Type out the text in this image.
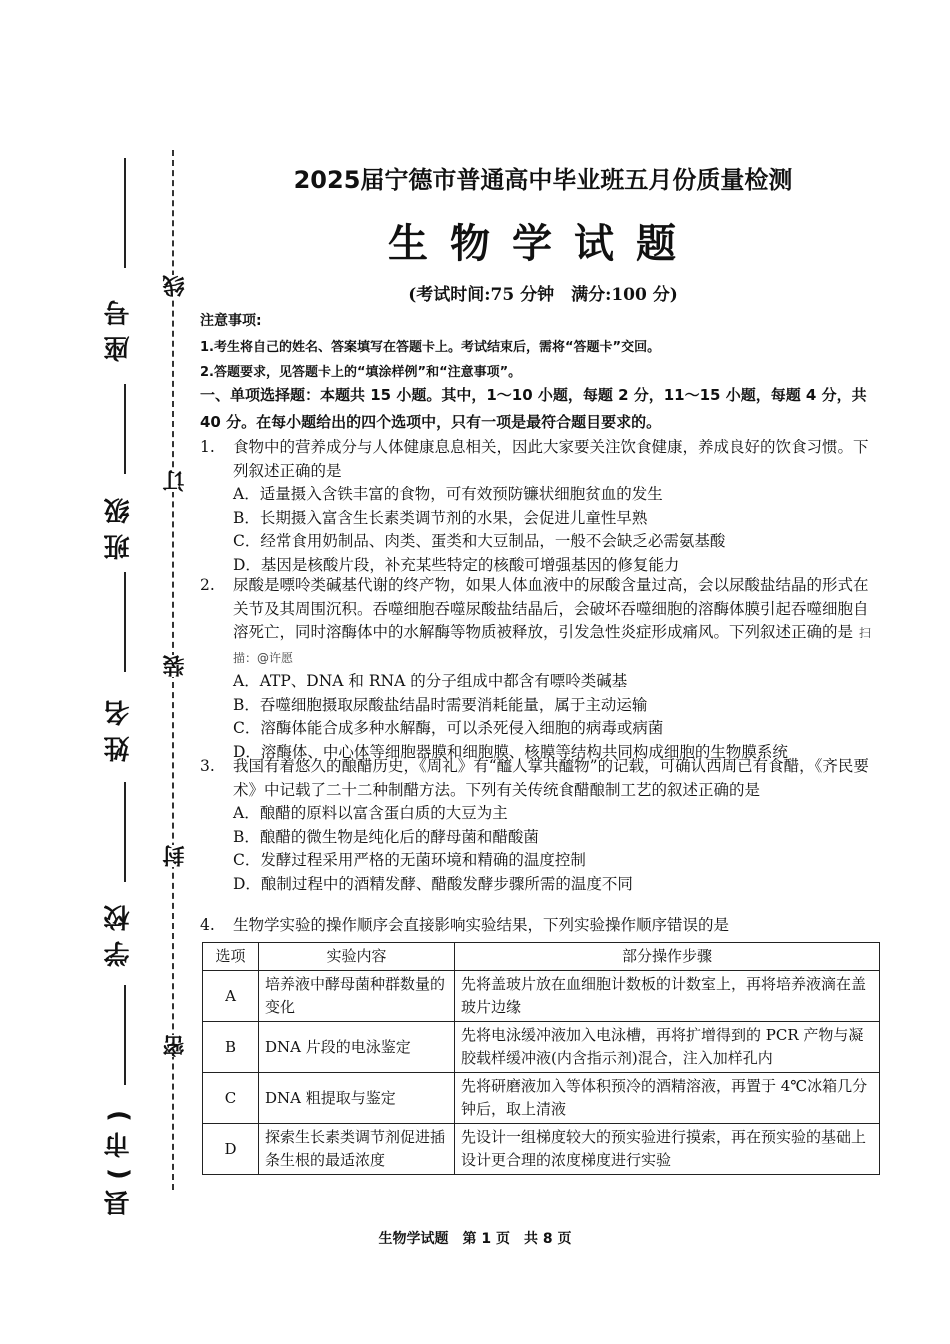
座号
班级
姓名
学校
县(市)
线
订
装
封
密
2025届宁德市普通高中毕业班五月份质量检测
生物学试题
(考试时间:75 分钟　满分:100 分)
注意事项:
1.考生将自己的姓名、答案填写在答题卡上。考试结束后，需将“答题卡”交回。
2.答题要求，见答题卡上的“填涂样例”和“注意事项”。
一、单项选择题：本题共 15 小题。其中，1～10 小题，每题 2 分，11～15 小题，每题 4 分，共 40 分。在每小题给出的四个选项中，只有一项是最符合题目要求的。
1. 食物中的营养成分与人体健康息息相关，因此大家要关注饮食健康，养成良好的饮食习惯。下列叙述正确的是
A．适量摄入含铁丰富的食物，可有效预防镰状细胞贫血的发生
B．长期摄入富含生长素类调节剂的水果，会促进儿童性早熟
C．经常食用奶制品、肉类、蛋类和大豆制品，一般不会缺乏必需氨基酸
D．基因是核酸片段，补充某些特定的核酸可增强基因的修复能力
2. 尿酸是嘌呤类碱基代谢的终产物，如果人体血液中的尿酸含量过高，会以尿酸盐结晶的形式在关节及其周围沉积。吞噬细胞吞噬尿酸盐结晶后，会破坏吞噬细胞的溶酶体膜引起吞噬细胞自溶死亡，同时溶酶体中的水解酶等物质被释放，引发急性炎症形成痛风。下列叙述正确的是 扫描：@许愿
A．ATP、DNA 和 RNA 的分子组成中都含有嘌呤类碱基
B．吞噬细胞摄取尿酸盐结晶时需要消耗能量，属于主动运输
C．溶酶体能合成多种水解酶，可以杀死侵入细胞的病毒或病菌
D．溶酶体、中心体等细胞器膜和细胞膜、核膜等结构共同构成细胞的生物膜系统
3. 我国有着悠久的酿醋历史，《周礼》有“醯人掌共醯物”的记载，可确认西周已有食醋，《齐民要术》中记载了二十二种制醋方法。下列有关传统食醋酿制工艺的叙述正确的是
A．酿醋的原料以富含蛋白质的大豆为主
B．酿醋的微生物是纯化后的酵母菌和醋酸菌
C．发酵过程采用严格的无菌环境和精确的温度控制
D．酿制过程中的酒精发酵、醋酸发酵步骤所需的温度不同
4. 生物学实验的操作顺序会直接影响实验结果，下列实验操作顺序错误的是
选项	实验内容	部分操作步骤
A	培养液中酵母菌种群数量的变化	先将盖玻片放在血细胞计数板的计数室上，再将培养液滴在盖玻片边缘
B	DNA 片段的电泳鉴定	先将电泳缓冲液加入电泳槽，再将扩增得到的 PCR 产物与凝胶载样缓冲液(内含指示剂)混合，注入加样孔内
C	DNA 粗提取与鉴定	先将研磨液加入等体积预冷的酒精溶液，再置于 4℃冰箱几分钟后，取上清液
D	探索生长素类调节剂促进插条生根的最适浓度	先设计一组梯度较大的预实验进行摸索，再在预实验的基础上设计更合理的浓度梯度进行实验
生物学试题　第 1 页　共 8 页
